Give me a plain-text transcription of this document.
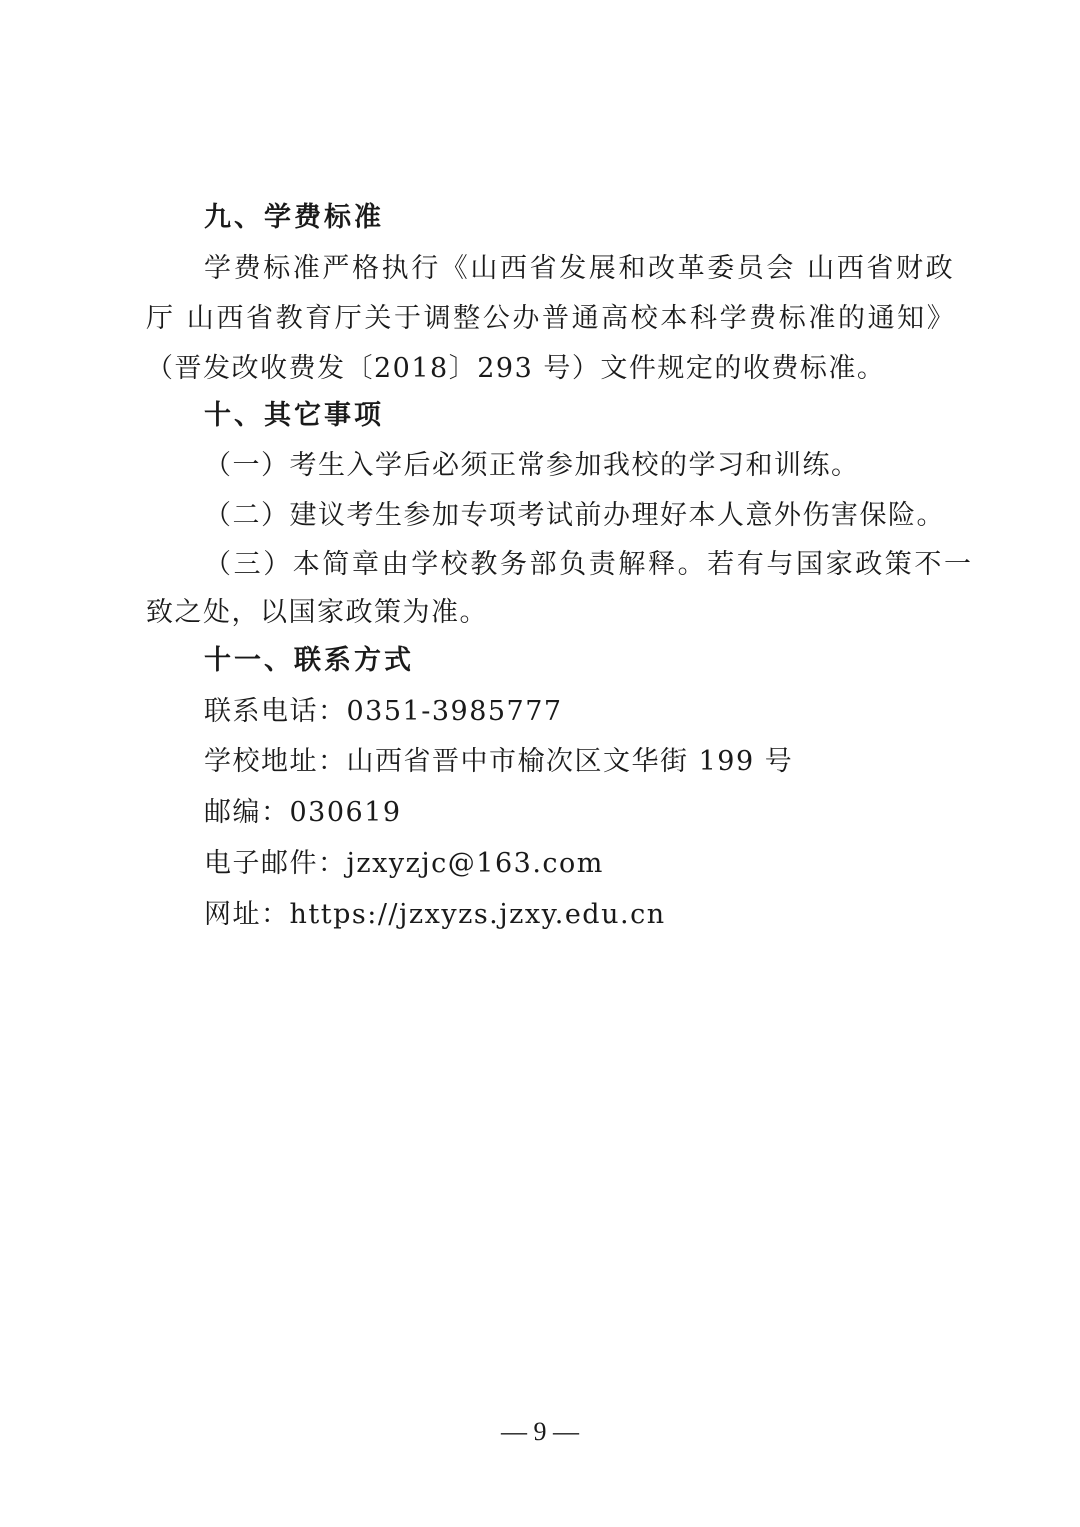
九、学费标准
学费标准严格执行《山西省发展和改革委员会 山西省财政
厅 山西省教育厅关于调整公办普通高校本科学费标准的通知》
（晋发改收费发〔2018〕293 号）文件规定的收费标准。
十、其它事项
（一）考生入学后必须正常参加我校的学习和训练。
（二）建议考生参加专项考试前办理好本人意外伤害保险。
（三）本简章由学校教务部负责解释。若有与国家政策不一
致之处，以国家政策为准。
十一、联系方式
联系电话：0351-3985777
学校地址：山西省晋中市榆次区文华街 199 号
邮编：030619
电子邮件：jzxyzjc@163.com
网址：https://jzxyzs.jzxy.edu.cn
— 9 —
